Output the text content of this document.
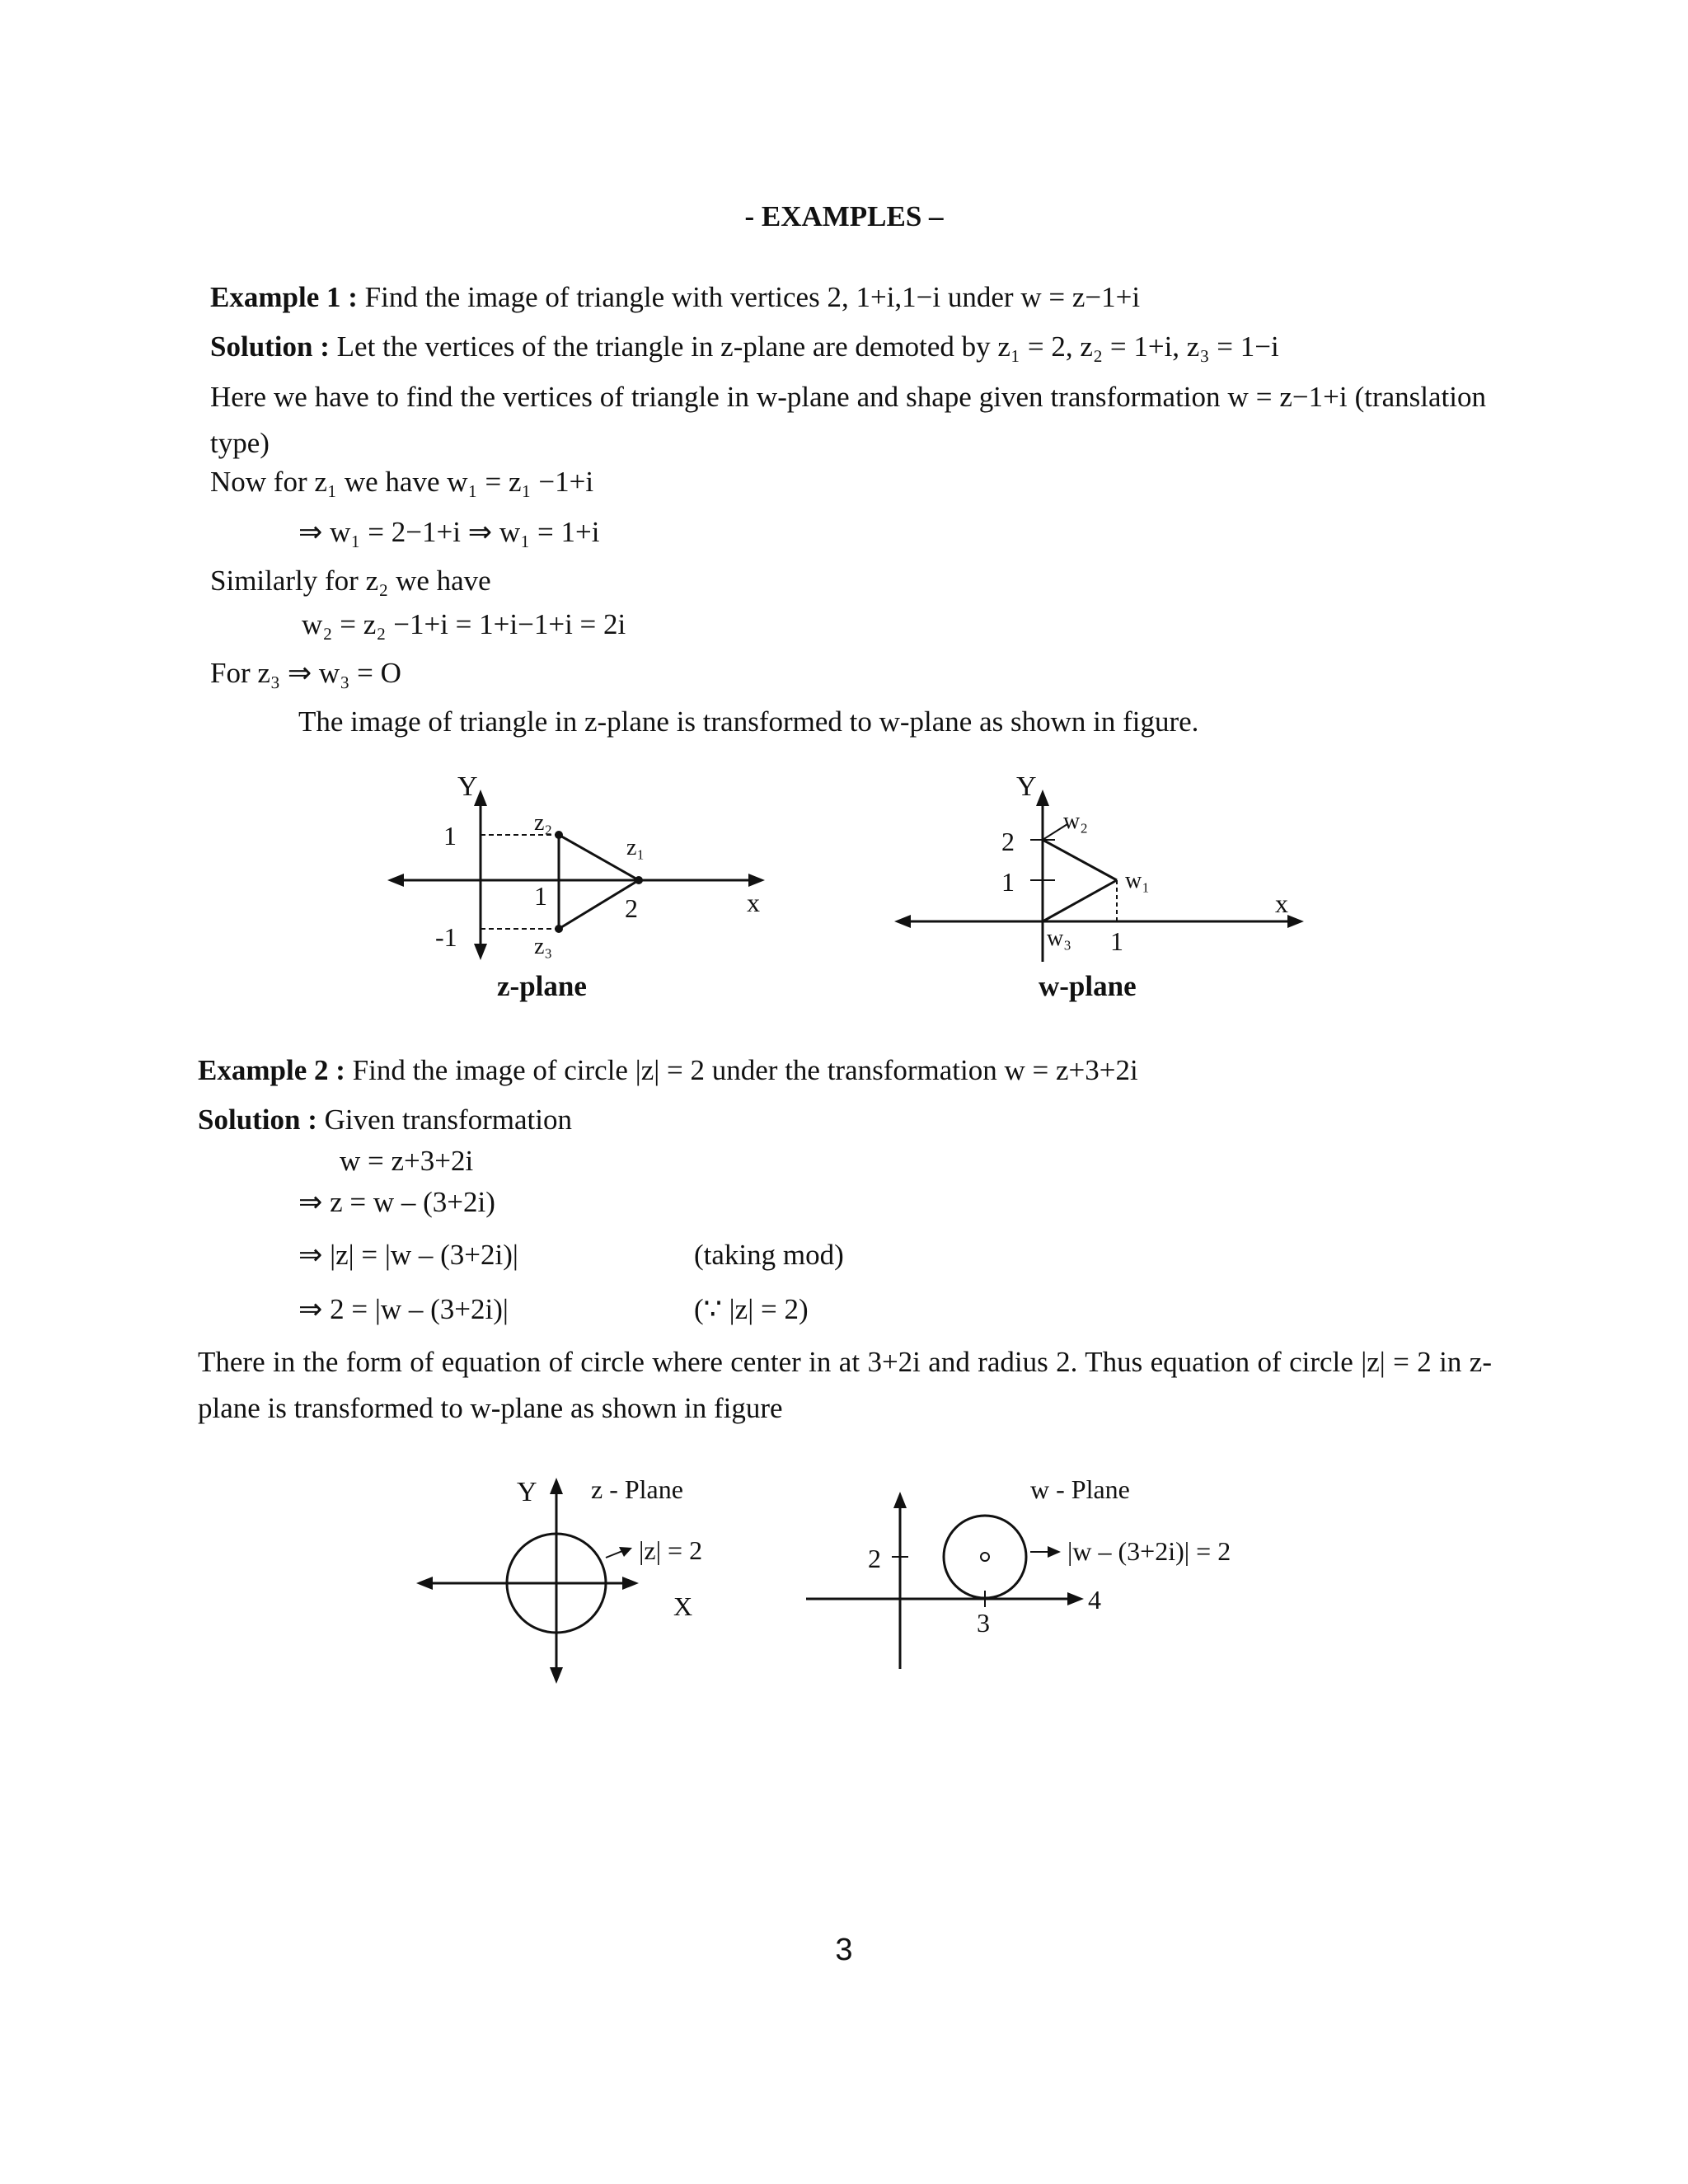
- EXAMPLES –
Example 1 : Find the image of triangle with vertices 2, 1+i,1−i under w = z−1+i
Solution : Let the vertices of the triangle in z-plane are demoted by z₁ = 2, z₂ = 1+i, z₃ = 1−i
Here we have to find the vertices of triangle in w-plane and shape given transformation w = z−1+i (translation type)
Now for z₁ we have w₁ = z₁ −1+i
⇒ w₁ = 2−1+i ⇒ w₁ = 1+i
Similarly for z₂ we have
w₂ = z₂ −1+i = 1+i−1+i = 2i
For z₃ ⇒ w₃ = O
The image of triangle in z-plane is transformed to w-plane as shown in figure.
Y
1
-1
1	2	x
z₂
z₁
z₃
z-plane
Y
2
1
1
x
w₂
w₁
w₃
w-plane
Example 2 : Find the image of circle |z| = 2 under the transformation w = z+3+2i
Solution : Given transformation
w = z+3+2i
⇒ z = w – (3+2i)
⇒ |z| = |w – (3+2i)|	(taking mod)
⇒ 2 = |w – (3+2i)|	(∵ |z| = 2)
There in the form of equation of circle where center in at 3+2i and radius 2. Thus equation of circle |z| = 2 in z-plane is transformed to w-plane as shown in figure
Y z - Plane
|z| = 2
X
2
3
4
w - Plane
|w – (3+2i)| = 2
3
